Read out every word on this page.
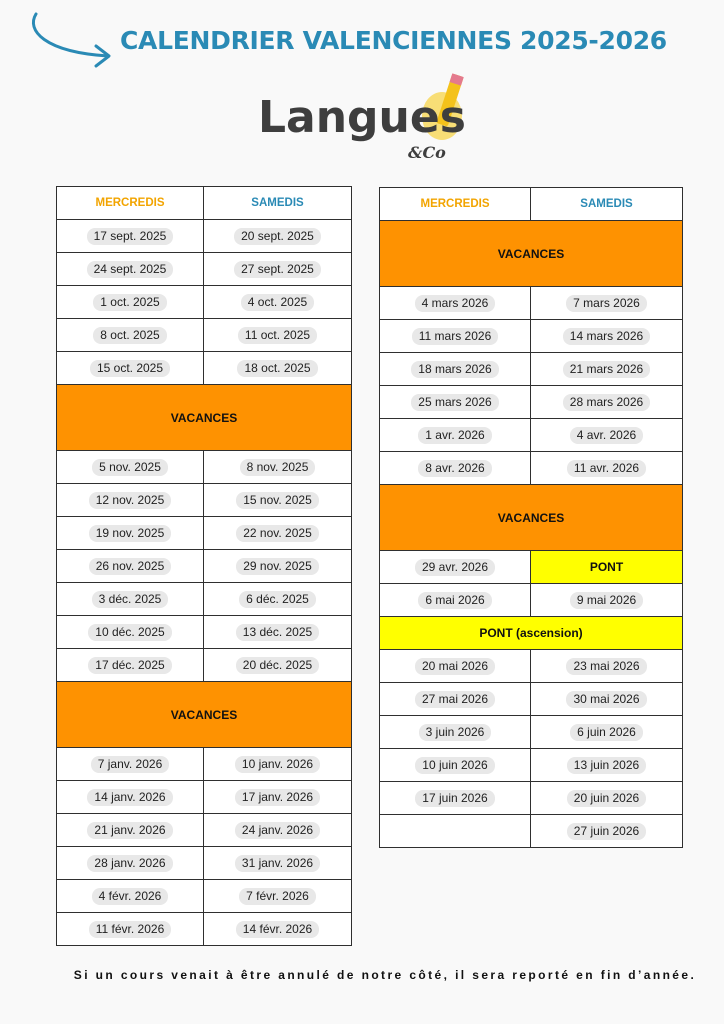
CALENDRIER VALENCIENNES 2025-2026
Langues
&Co
MERCREDIS	SAMEDIS
17 sept. 2025	20 sept. 2025
24 sept. 2025	27 sept. 2025
1 oct. 2025	4 oct. 2025
8 oct. 2025	11 oct. 2025
15 oct. 2025	18 oct. 2025
VACANCES	
5 nov. 2025	8 nov. 2025
12 nov. 2025	15 nov. 2025
19 nov. 2025	22 nov. 2025
26 nov. 2025	29 nov. 2025
3 déc. 2025	6 déc. 2025
10 déc. 2025	13 déc. 2025
17 déc. 2025	20 déc. 2025
VACANCES	
7 janv. 2026	10 janv. 2026
14 janv. 2026	17 janv. 2026
21 janv. 2026	24 janv. 2026
28 janv. 2026	31 janv. 2026
4 févr. 2026	7 févr. 2026
11 févr. 2026	14 févr. 2026
MERCREDIS	SAMEDIS
VACANCES	
4 mars 2026	7 mars 2026
11 mars 2026	14 mars 2026
18 mars 2026	21 mars 2026
25 mars 2026	28 mars 2026
1 avr. 2026	4 avr. 2026
8 avr. 2026	11 avr. 2026
VACANCES	
29 avr. 2026	PONT
6 mai 2026	9 mai 2026
PONT (ascension)	
20 mai 2026	23 mai 2026
27 mai 2026	30 mai 2026
3 juin 2026	6 juin 2026
10 juin 2026	13 juin 2026
17 juin 2026	20 juin 2026
	27 juin 2026
Si un cours venait à être annulé de notre côté, il sera reporté en fin d’année.
